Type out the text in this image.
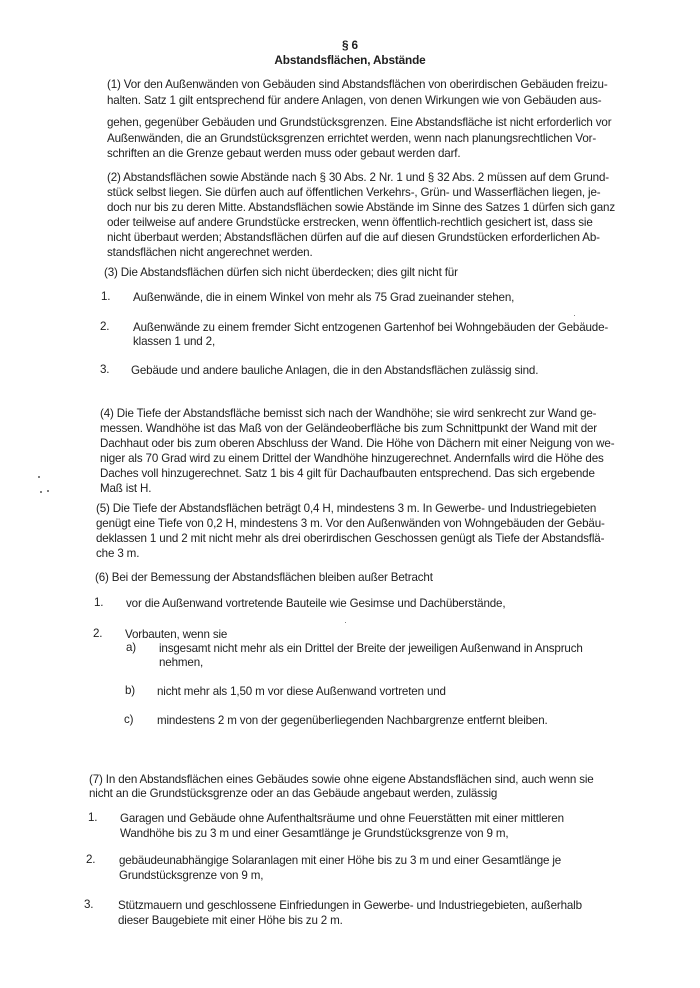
§ 6
Abstandsflächen, Abstände
(1) Vor den Außenwänden von Gebäuden sind Abstandsflächen von oberirdischen Gebäuden freizu-
halten. Satz 1 gilt entsprechend für andere Anlagen, von denen Wirkungen wie von Gebäuden aus-
gehen, gegenüber Gebäuden und Grundstücksgrenzen. Eine Abstandsfläche ist nicht erforderlich vor
Außenwänden, die an Grundstücksgrenzen errichtet werden, wenn nach planungsrechtlichen Vor-
schriften an die Grenze gebaut werden muss oder gebaut werden darf.
(2) Abstandsflächen sowie Abstände nach § 30 Abs. 2 Nr. 1 und § 32 Abs. 2 müssen auf dem Grund-
stück selbst liegen. Sie dürfen auch auf öffentlichen Verkehrs-, Grün- und Wasserflächen liegen, je-
doch nur bis zu deren Mitte. Abstandsflächen sowie Abstände im Sinne des Satzes 1 dürfen sich ganz
oder teilweise auf andere Grundstücke erstrecken, wenn öffentlich-rechtlich gesichert ist, dass sie
nicht überbaut werden; Abstandsflächen dürfen auf die auf diesen Grundstücken erforderlichen Ab-
standsflächen nicht angerechnet werden.
(3) Die Abstandsflächen dürfen sich nicht überdecken; dies gilt nicht für
1. Außenwände, die in einem Winkel von mehr als 75 Grad zueinander stehen,
2. Außenwände zu einem fremder Sicht entzogenen Gartenhof bei Wohngebäuden der Gebäude-
klassen 1 und 2,
3. Gebäude und andere bauliche Anlagen, die in den Abstandsflächen zulässig sind.
(4) Die Tiefe der Abstandsfläche bemisst sich nach der Wandhöhe; sie wird senkrecht zur Wand ge-
messen. Wandhöhe ist das Maß von der Geländeoberfläche bis zum Schnittpunkt der Wand mit der
Dachhaut oder bis zum oberen Abschluss der Wand. Die Höhe von Dächern mit einer Neigung von we-
niger als 70 Grad wird zu einem Drittel der Wandhöhe hinzugerechnet. Andernfalls wird die Höhe des
Daches voll hinzugerechnet. Satz 1 bis 4 gilt für Dachaufbauten entsprechend. Das sich ergebende
Maß ist H.
(5) Die Tiefe der Abstandsflächen beträgt 0,4 H, mindestens 3 m. In Gewerbe- und Industriegebieten
genügt eine Tiefe von 0,2 H, mindestens 3 m. Vor den Außenwänden von Wohngebäuden der Gebäu-
deklassen 1 und 2 mit nicht mehr als drei oberirdischen Geschossen genügt als Tiefe der Abstandsflä-
che 3 m.
(6) Bei der Bemessung der Abstandsflächen bleiben außer Betracht
1. vor die Außenwand vortretende Bauteile wie Gesimse und Dachüberstände,
2. Vorbauten, wenn sie
a) insgesamt nicht mehr als ein Drittel der Breite der jeweiligen Außenwand in Anspruch
nehmen,
b) nicht mehr als 1,50 m vor diese Außenwand vortreten und
c) mindestens 2 m von der gegenüberliegenden Nachbargrenze entfernt bleiben.
(7) In den Abstandsflächen eines Gebäudes sowie ohne eigene Abstandsflächen sind, auch wenn sie
nicht an die Grundstücksgrenze oder an das Gebäude angebaut werden, zulässig
1. Garagen und Gebäude ohne Aufenthaltsräume und ohne Feuerstätten mit einer mittleren
Wandhöhe bis zu 3 m und einer Gesamtlänge je Grundstücksgrenze von 9 m,
2. gebäudeunabhängige Solaranlagen mit einer Höhe bis zu 3 m und einer Gesamtlänge je
Grundstücksgrenze von 9 m,
3. Stützmauern und geschlossene Einfriedungen in Gewerbe- und Industriegebieten, außerhalb
dieser Baugebiete mit einer Höhe bis zu 2 m.
